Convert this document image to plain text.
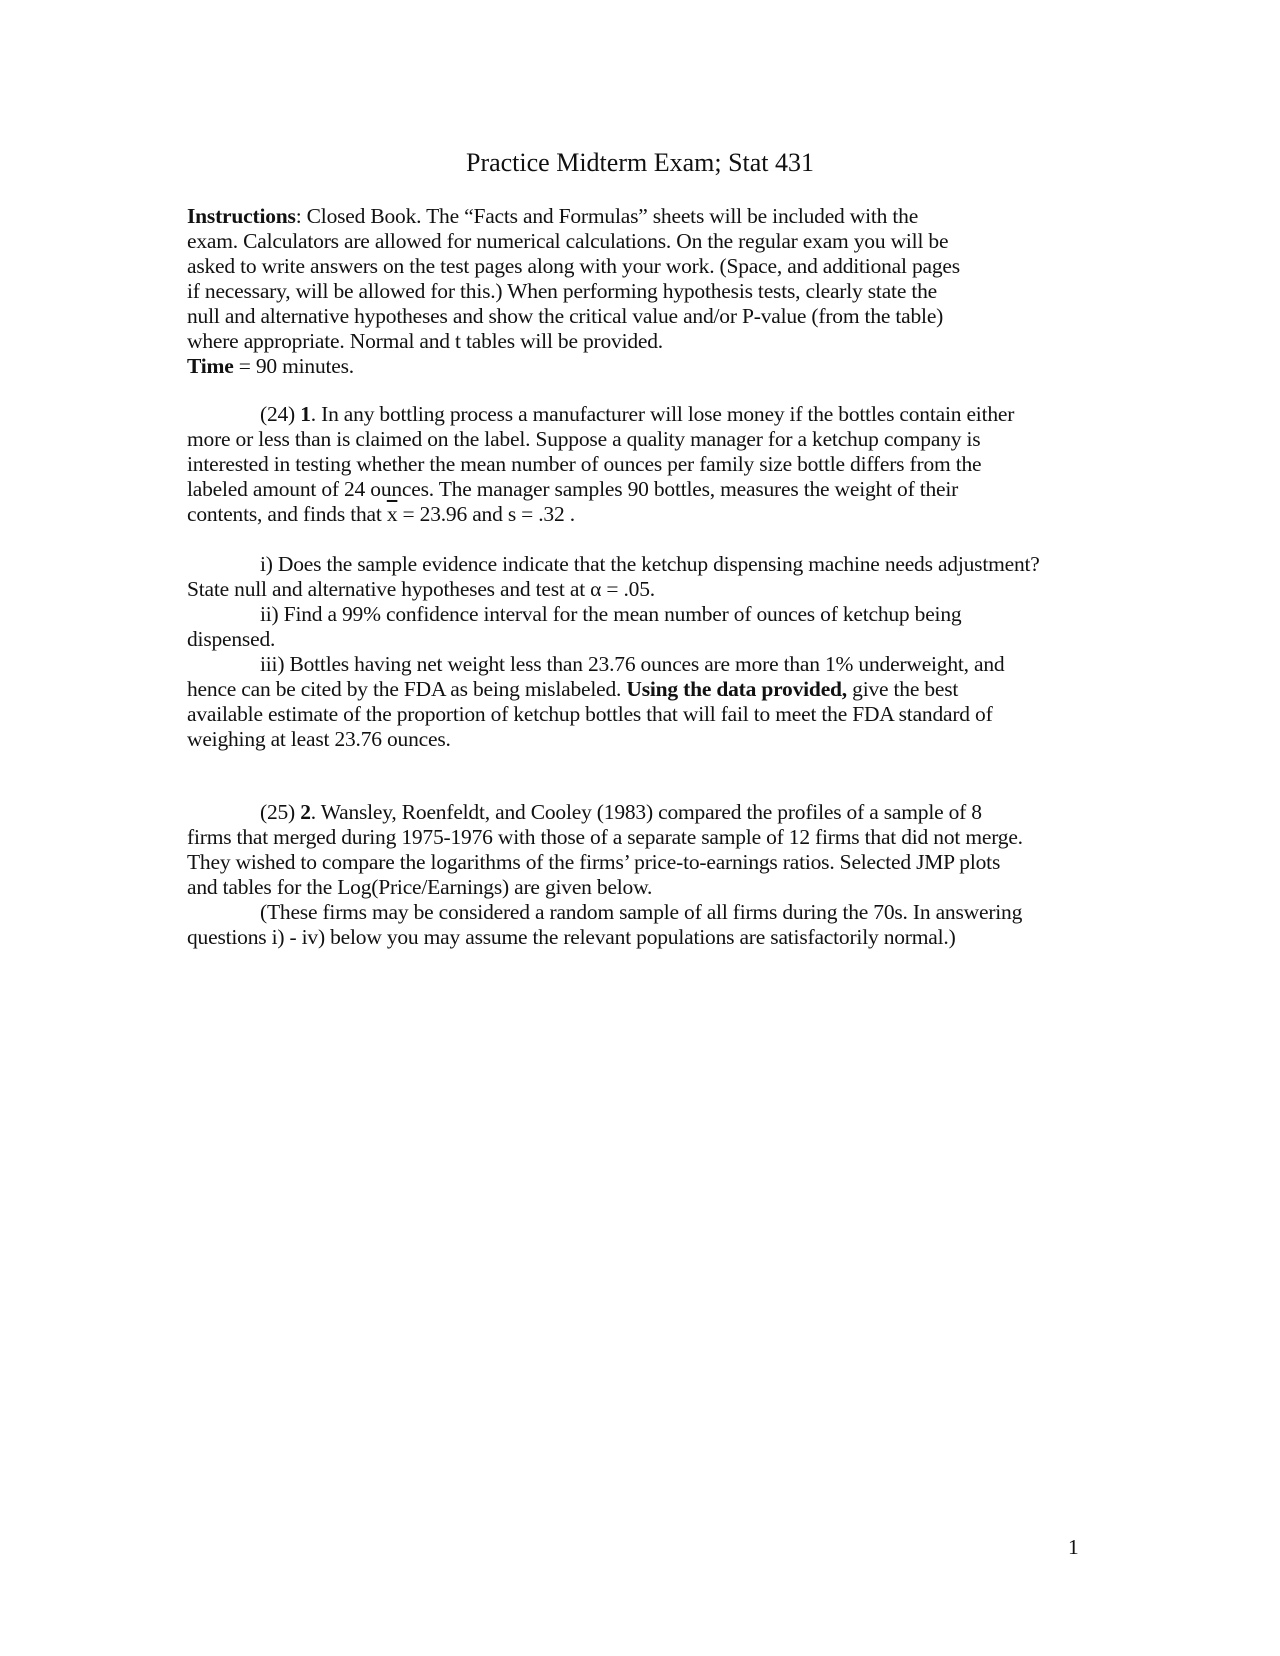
Practice Midterm Exam; Stat 431
Instructions: Closed Book. The “Facts and Formulas” sheets will be included with the
exam. Calculators are allowed for numerical calculations. On the regular exam you will be
asked to write answers on the test pages along with your work. (Space, and additional pages
if necessary, will be allowed for this.) When performing hypothesis tests, clearly state the
null and alternative hypotheses and show the critical value and/or P-value (from the table)
where appropriate. Normal and t tables will be provided.
Time = 90 minutes.
(24) 1. In any bottling process a manufacturer will lose money if the bottles contain either
more or less than is claimed on the label. Suppose a quality manager for a ketchup company is
interested in testing whether the mean number of ounces per family size bottle differs from the
labeled amount of 24 ounces. The manager samples 90 bottles, measures the weight of their
contents, and finds that $\overline{x} = 23.96$ and s = .32 .
i) Does the sample evidence indicate that the ketchup dispensing machine needs adjustment?
State null and alternative hypotheses and test at α = .05.
ii) Find a 99% confidence interval for the mean number of ounces of ketchup being
dispensed.
iii) Bottles having net weight less than 23.76 ounces are more than 1% underweight, and
hence can be cited by the FDA as being mislabeled. Using the data provided, give the best
available estimate of the proportion of ketchup bottles that will fail to meet the FDA standard of
weighing at least 23.76 ounces.
(25) 2. Wansley, Roenfeldt, and Cooley (1983) compared the profiles of a sample of 8
firms that merged during 1975-1976 with those of a separate sample of 12 firms that did not merge.
They wished to compare the logarithms of the firms’ price-to-earnings ratios. Selected JMP plots
and tables for the Log(Price/Earnings) are given below.
(These firms may be considered a random sample of all firms during the 70s. In answering
questions i) - iv) below you may assume the relevant populations are satisfactorily normal.)
1
